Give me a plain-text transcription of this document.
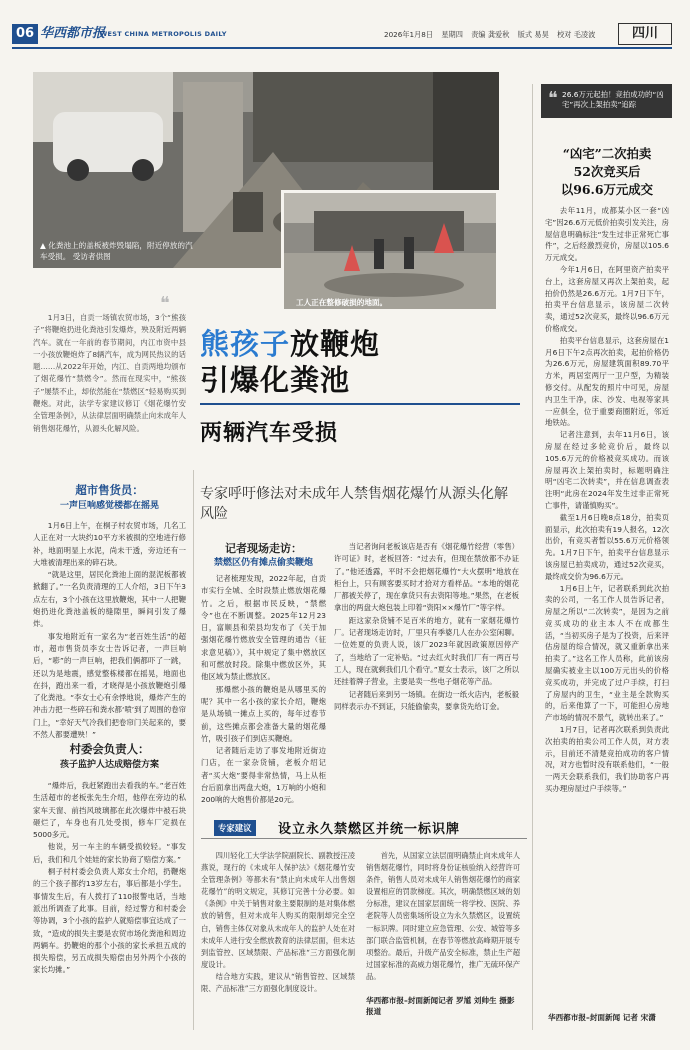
06 华西都市报
WEST CHINA METROPOLIS DAILY	2026年1月8日 星期四 责编 龚爱秋 版式 易昊 校对 毛凌波	四川
▲ 化粪池上的盖板被炸毁塌陷，附近停放的汽车受损。 受访者供图
工人正在整修破损的地面。
❝
1月3日，自贡一场镇农贸市场，3个“熊孩子”将鞭炮扔进化粪池引发爆炸，殃及附近两辆汽车。就在一年前的春节期间，内江市资中县一小孩放鞭炮炸了8辆汽车，成为网民热议的话题……从2022年开始，内江、自贡两地均颁布了烟花爆竹“禁燃令”。然而在现实中，“熊孩子”屡禁不止，却依然能在“禁燃区”轻易购买到鞭炮。对此，法学专家建议修订《烟花爆竹安全管理条例》，从法律层面明确禁止向未成年人销售烟花爆竹，从源头化解风险。
熊孩子放鞭炮
引爆化粪池
两辆汽车受损
专家呼吁修法对未成年人禁售烟花爆竹从源头化解风险
超市售货员：
一声巨响感觉楼都在摇晃

1月6日上午，在桐子村农贸市场，几名工人正在对一大块约10平方米被损的空地进行修补，地面明显上水泥，尚未干透，旁边还有一大堆被清理出来的碎石块。

“就是这里，居民化粪池上面的混泥板都被掀翻了。”一名负责清理的工人介绍，3日下午3点左右，3个小孩在这里放鞭炮，其中一人把鞭炮扔进化粪池盖板的缝隙里，瞬间引发了爆炸。

事发地附近有一家名为“老百姓生活”的超市，超市售货员李女士告诉记者，一声巨响后，“嘭”的一声巨响，把我们俩都吓了一跳，还以为是地震，感觉整栋楼都在摇晃，地面也在抖，跑出来一看，才晓得是小孩放鞭炮引爆了化粪池。“李女士心有余悸地说，爆炸产生的冲击力把一些碎石和粪水都‘喷’到了周围的卷帘门上，“幸好天气冷我们把卷帘门关起来的，要不然人都要遭殃！”

村委会负责人：
孩子监护人达成赔偿方案

“爆炸后，我赶紧跑出去看我的车。”老百姓生活超市的老板张先生介绍，他停在旁边的私家车天窗、前挡风玻璃都在此次爆炸中被石块砸烂了，车身也有几处受损，修车厂定损在5000多元。

他说，另一车主的车辆受损较轻。“事发后，我们和几个娃娃的家长协商了赔偿方案。”

桐子村村委会负责人郑女士介绍，扔鞭炮的三个孩子都约13岁左右，事后都是小学生。事情发生后，有人拨打了110报警电话，当地派出所调查了此事。目前，经过警方和村委会等协调，3个小孩的监护人就赔偿事宜达成了一致，“造成的损失主要是农贸市场化粪池和周边两辆车。扔鞭炮的那个小孩的家长承担五成的损失赔偿，另五成损失赔偿由另外两个小孩的家长均摊。”

记者现场走访：
禁燃区仍有摊点偷卖鞭炮

记者梳理发现，2022年起，自贡市实行全城、全时段禁止燃放烟花爆竹。之后，根据市民反映，“禁燃令”也在不断调整。2025年12月23日，富顺县和荣县均发布了《关于加强烟花爆竹燃放安全管理的通告（征求意见稿）》，其中规定了集中燃放区和可燃放时段。除集中燃放区外，其他区域为禁止燃放区。

那爆燃小孩的鞭炮是从哪里买的呢？其中一名小孩的家长介绍，鞭炮是从场镇一摊点上买的，每年过春节前，这些摊点都会准备大量的烟花爆竹，吸引孩子们到店买鞭炮。

记者随后走访了事发地附近街边门店，在一家杂货铺，老板介绍记者“买大炮”要得非常热情，马上从柜台后面拿出两盘大炮，1万响的小炮和200响的大炮售价都是20元。

当记者询问老板该店是否有《烟花爆竹经营（零售）许可证》时，老板回答：“过去有，但现在禁放都不办证了。”他还透露，平时不会把烟花爆竹“大火摆明”地放在柜台上，只有顾客要买时才拾对方看样品。“本地的烟花厂都被关停了，现在拿货只有去资阳等地。”果然，在老板拿出的两盘大炮包装上印着“资阳××爆竹厂”等字样。

距这家杂货铺不足百米的地方，就有一家烟花爆竹厂。记者现场走访时，厂里只有季婆几人在办公室闲聊。一位姓夏的负责人说，该厂2023年就因政策原因停产了，当地给了一定补贴。“过去红火时我们厂有一两百号工人，现在就剩我们几个看守。”夏女士表示，该厂之所以还挂着牌子营业，主要是卖一些电子烟花等产品。

记者随后来到另一场镇。在街边一纸火店内，老板毅同样表示办不到证，只能偷偷卖，要拿货先给订金。

专家建议	设立永久禁燃区并统一标识牌

四川轻化工大学法学院副院长、副教授汪凌燕说，现行的《未成年人保护法》《烟花爆竹安全管理条例》等都未有“禁止向未成年人出售烟花爆竹”的明文规定，其修订完善十分必要。如《条例》中关于销售对象主要限制的是对集体燃放的销售，但对未成年人购买的限制却完全空白，销售主体仅对象从未成年人的监护人处在对未成年人进行安全燃放教育的法律层面，但未达到监管控、区域禁限、产品标准“三方面强化制度设计。

结合地方实践，建议从“销售管控、区域禁限、产品标准”三方面强化制度设计。

首先，从国家立法层面明确禁止向未成年人销售烟花爆竹，同时将身份证核验纳入经营许可条件，销售人员对未成年人销售烟花爆竹的商家设置相应的罚款梯度。其次，明确禁燃区域的划分标准，建议在国家层面统一将学校、医院、养老院等人员密集场所设立为永久禁燃区，设置统一标识牌。同时建立应急管理、公安、城管等多部门联合监管机制，在春节等燃放高峰期开展专项整治。最后，升级产品安全标准，禁止生产超过国家标准的高威力烟花爆竹，推广无硫环保产品。

华西都市报–封面新闻记者 罗馗 刘帅生 摄影报道
❝ 26.6万元起拍！竞拍成功的“凶宅”再次上架拍卖”追踪
“凶宅”二次拍卖
52次竞买后
以96.6万元成交

去年11月，成都某小区一套“凶宅”因26.6万元低价拍卖引发关注，房屋信息明确标注“发生过非正常死亡事件”，之后经激烈竞价，房屋以105.6万元成交。

今年1月6日，在阿里资产拍卖平台上，这套房屋又再次上架拍卖，起拍价仍然是26.6万元。1月7日下午，拍卖平台信息显示，该房屋二次转卖，通过52次竞买，最终以96.6万元价格成交。

拍卖平台信息显示，这套房屋在1月6日下午2点再次拍卖，起拍价格仍为26.6万元，房屋建筑面积89.70平方米，两居室两厅一卫户型，为精装修交付。从配发的照片中可见，房屋内卫生干净，床、沙发、电视等家具一应俱全，位于重要商圈附近，邻近地铁站。

记者注意到，去年11月6日，该房屋在经过多轮竞价后，最终以105.6万元的价格被竞买成功。而该房屋再次上架拍卖时，标题明确注明“凶宅二次转卖”，并在信息调查表注明“此房在2024年发生过非正常死亡事件，请谨慎购买”。

截至1月6日晚8点18分，拍卖页面显示，此次拍卖有19人报名，12次出价，有竞买者暂以55.6万元价格领先。1月7日下午，拍卖平台信息显示该房屋已拍卖成功，通过52次竞买，最终成交价为96.6万元。

1月6日上午，记者联系到此次拍卖的公司，一名工作人员告诉记者，房屋之所以“二次转卖”，是因为之前竞买成功的业主本人不在成都生活，“当初买房子是为了投资，后来评估房屋的综合情况，就又重新拿出来拍卖了。”这名工作人员称，此前该房屋确实被业主以100万元出头的价格竞买成功，并完成了过户手续，打扫了房屋内的卫生，“业主是全款购买的，后来他算了一下，可能担心房地产市场的情况不景气，就转出来了。”

1月7日，记者再次联系到负责此次拍卖的拍卖公司工作人员，对方表示，目前还不清楚竞拍成功的客户情况，对方也暂时没有联系他们，“一般一两天会联系我们，我们协助客户再买办理房屋过户手续等。”

华西都市报–封面新闻 记者 宋潇
